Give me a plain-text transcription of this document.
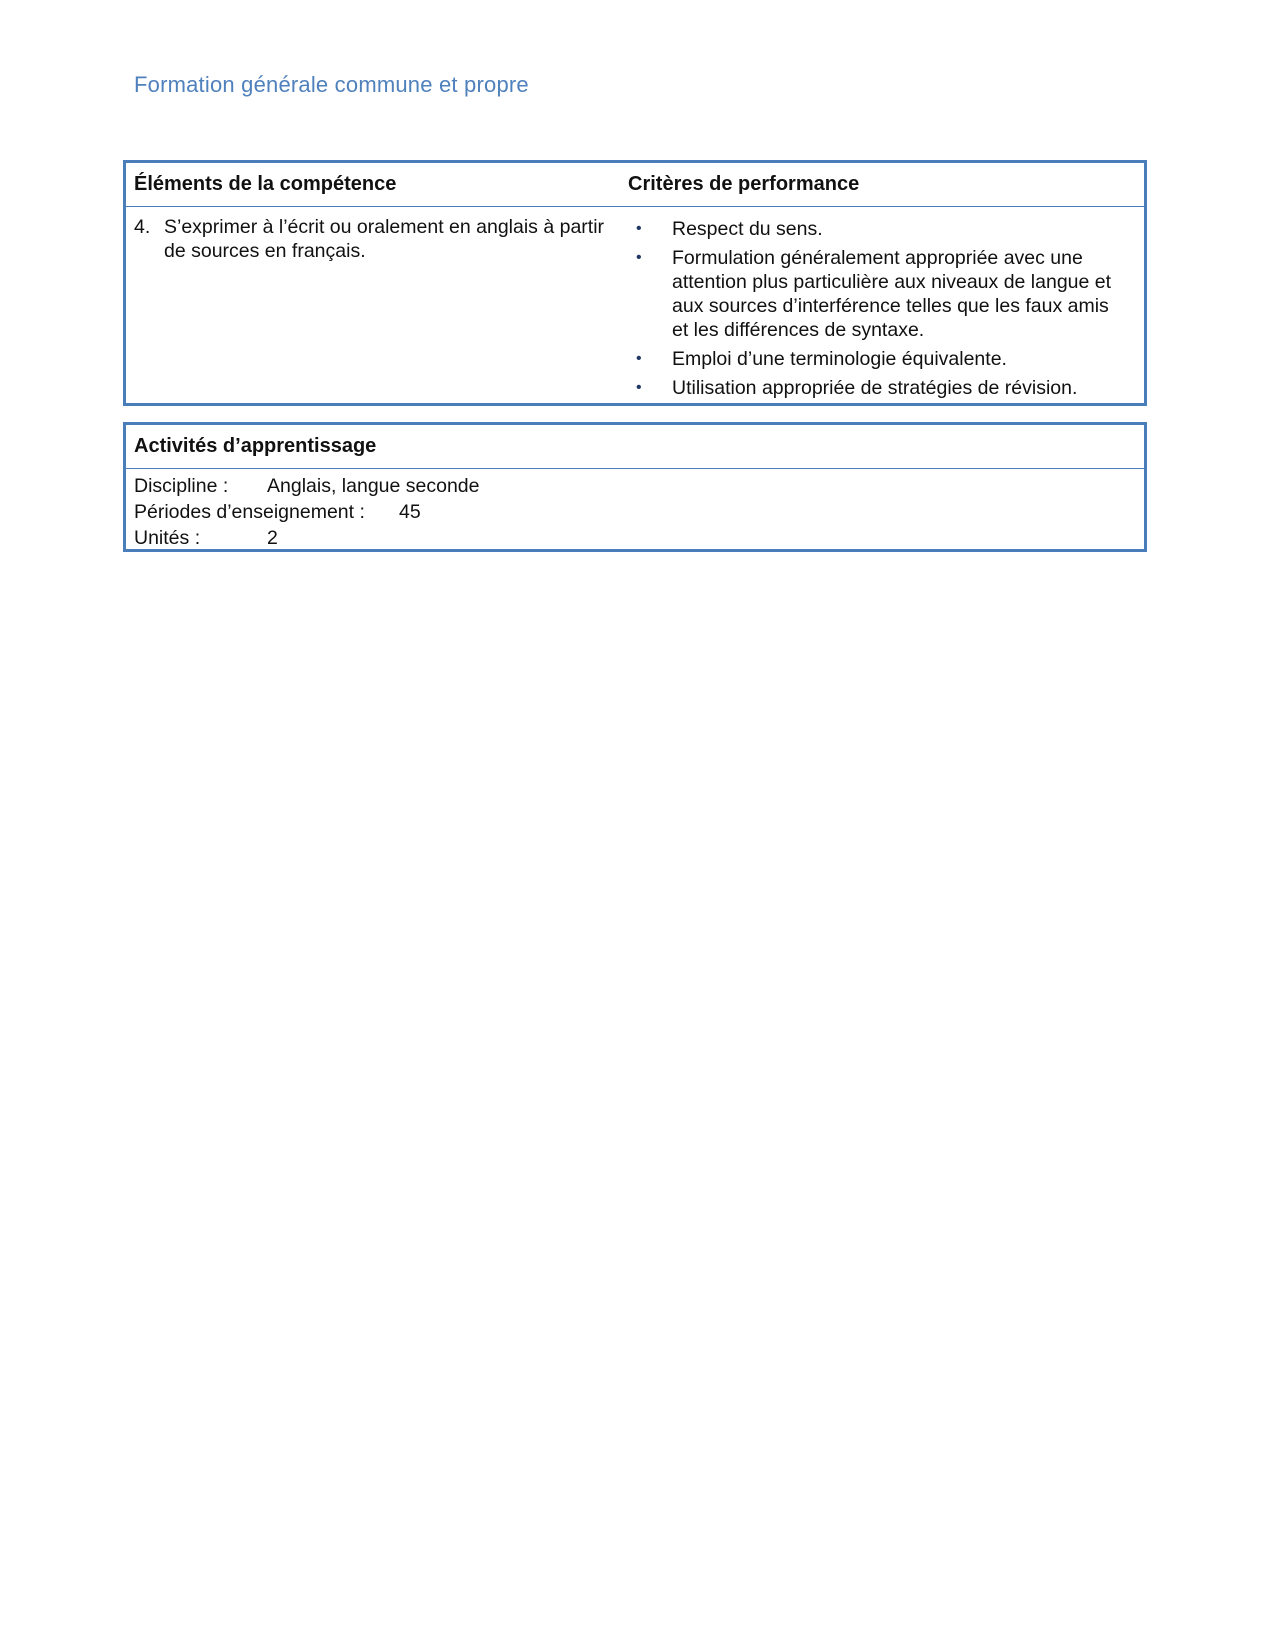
Formation générale commune et propre
Éléments de la compétence	Critères de performance
4. S’exprimer à l’écrit ou oralement en anglais à partir de sources en français.
•	Respect du sens.
•	Formulation généralement appropriée avec une attention plus particulière aux niveaux de langue et aux sources d’interférence telles que les faux amis et les différences de syntaxe.
•	Emploi d’une terminologie équivalente.
•	Utilisation appropriée de stratégies de révision.
Activités d’apprentissage
Discipline :	Anglais, langue seconde
Périodes d’enseignement :	45
Unités :	2
